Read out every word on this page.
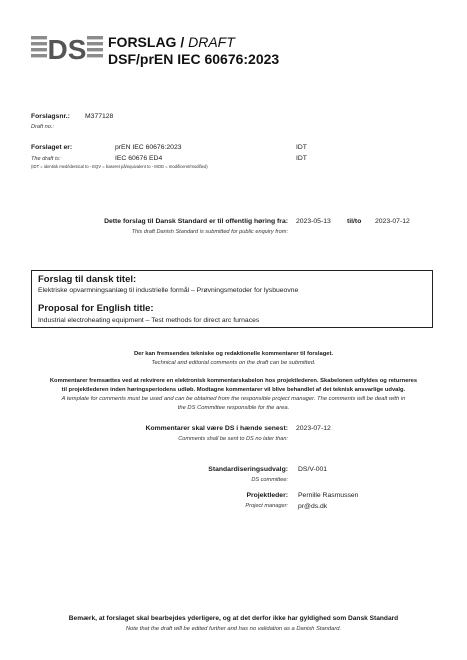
DS FORSLAG / DRAFT
DSF/prEN IEC 60676:2023
Forslagsnr.:
Draft no.:
M377128
Forslaget er:
The draft is:
(IDT = identisk med/identical to - EQV = baseret på/equivalent to - MOD = modificeret/modified)
prEN IEC 60676:2023	IDT
IEC 60676 ED4	IDT
Dette forslag til Dansk Standard er til offentlig høring fra:
This draft Danish Standard is submitted for public enquiry from:
2023-05-13 til/to 2023-07-12
Forslag til dansk titel:
Elektriske opvarmningsanlæg til industrielle formål – Prøvningsmetoder for lysbueovne
Proposal for English title:
Industrial electroheating equipment – Test methods for direct arc furnaces
Der kan fremsendes tekniske og redaktionelle kommentarer til forslaget.
Technical and editorial comments on the draft can be submitted.
Kommentarer fremsættes ved at rekvirere en elektronisk kommentarskabelon hos projektlederen. Skabelonen udfyldes og returneres
til projektlederen inden høringsperiodens udløb. Modtagne kommentarer vil blive behandlet af det teknisk ansvarlige udvalg.
A template for comments must be used and can be obtained from the responsible project manager. The comments will be dealt with in
the DS Committee responsible for the area.
Kommentarer skal være DS i hænde senest:
Comments shall be sent to DS no later than:
2023-07-12
Standardiseringsudvalg:
DS committee:
DS/V-001
Projektleder:
Project manager:
Pernille Rasmussen
pr@ds.dk
Bemærk, at forslaget skal bearbejdes yderligere, og at det derfor ikke har gyldighed som Dansk Standard
Note that the draft will be edited further and has no validation as a Danish Standard.
